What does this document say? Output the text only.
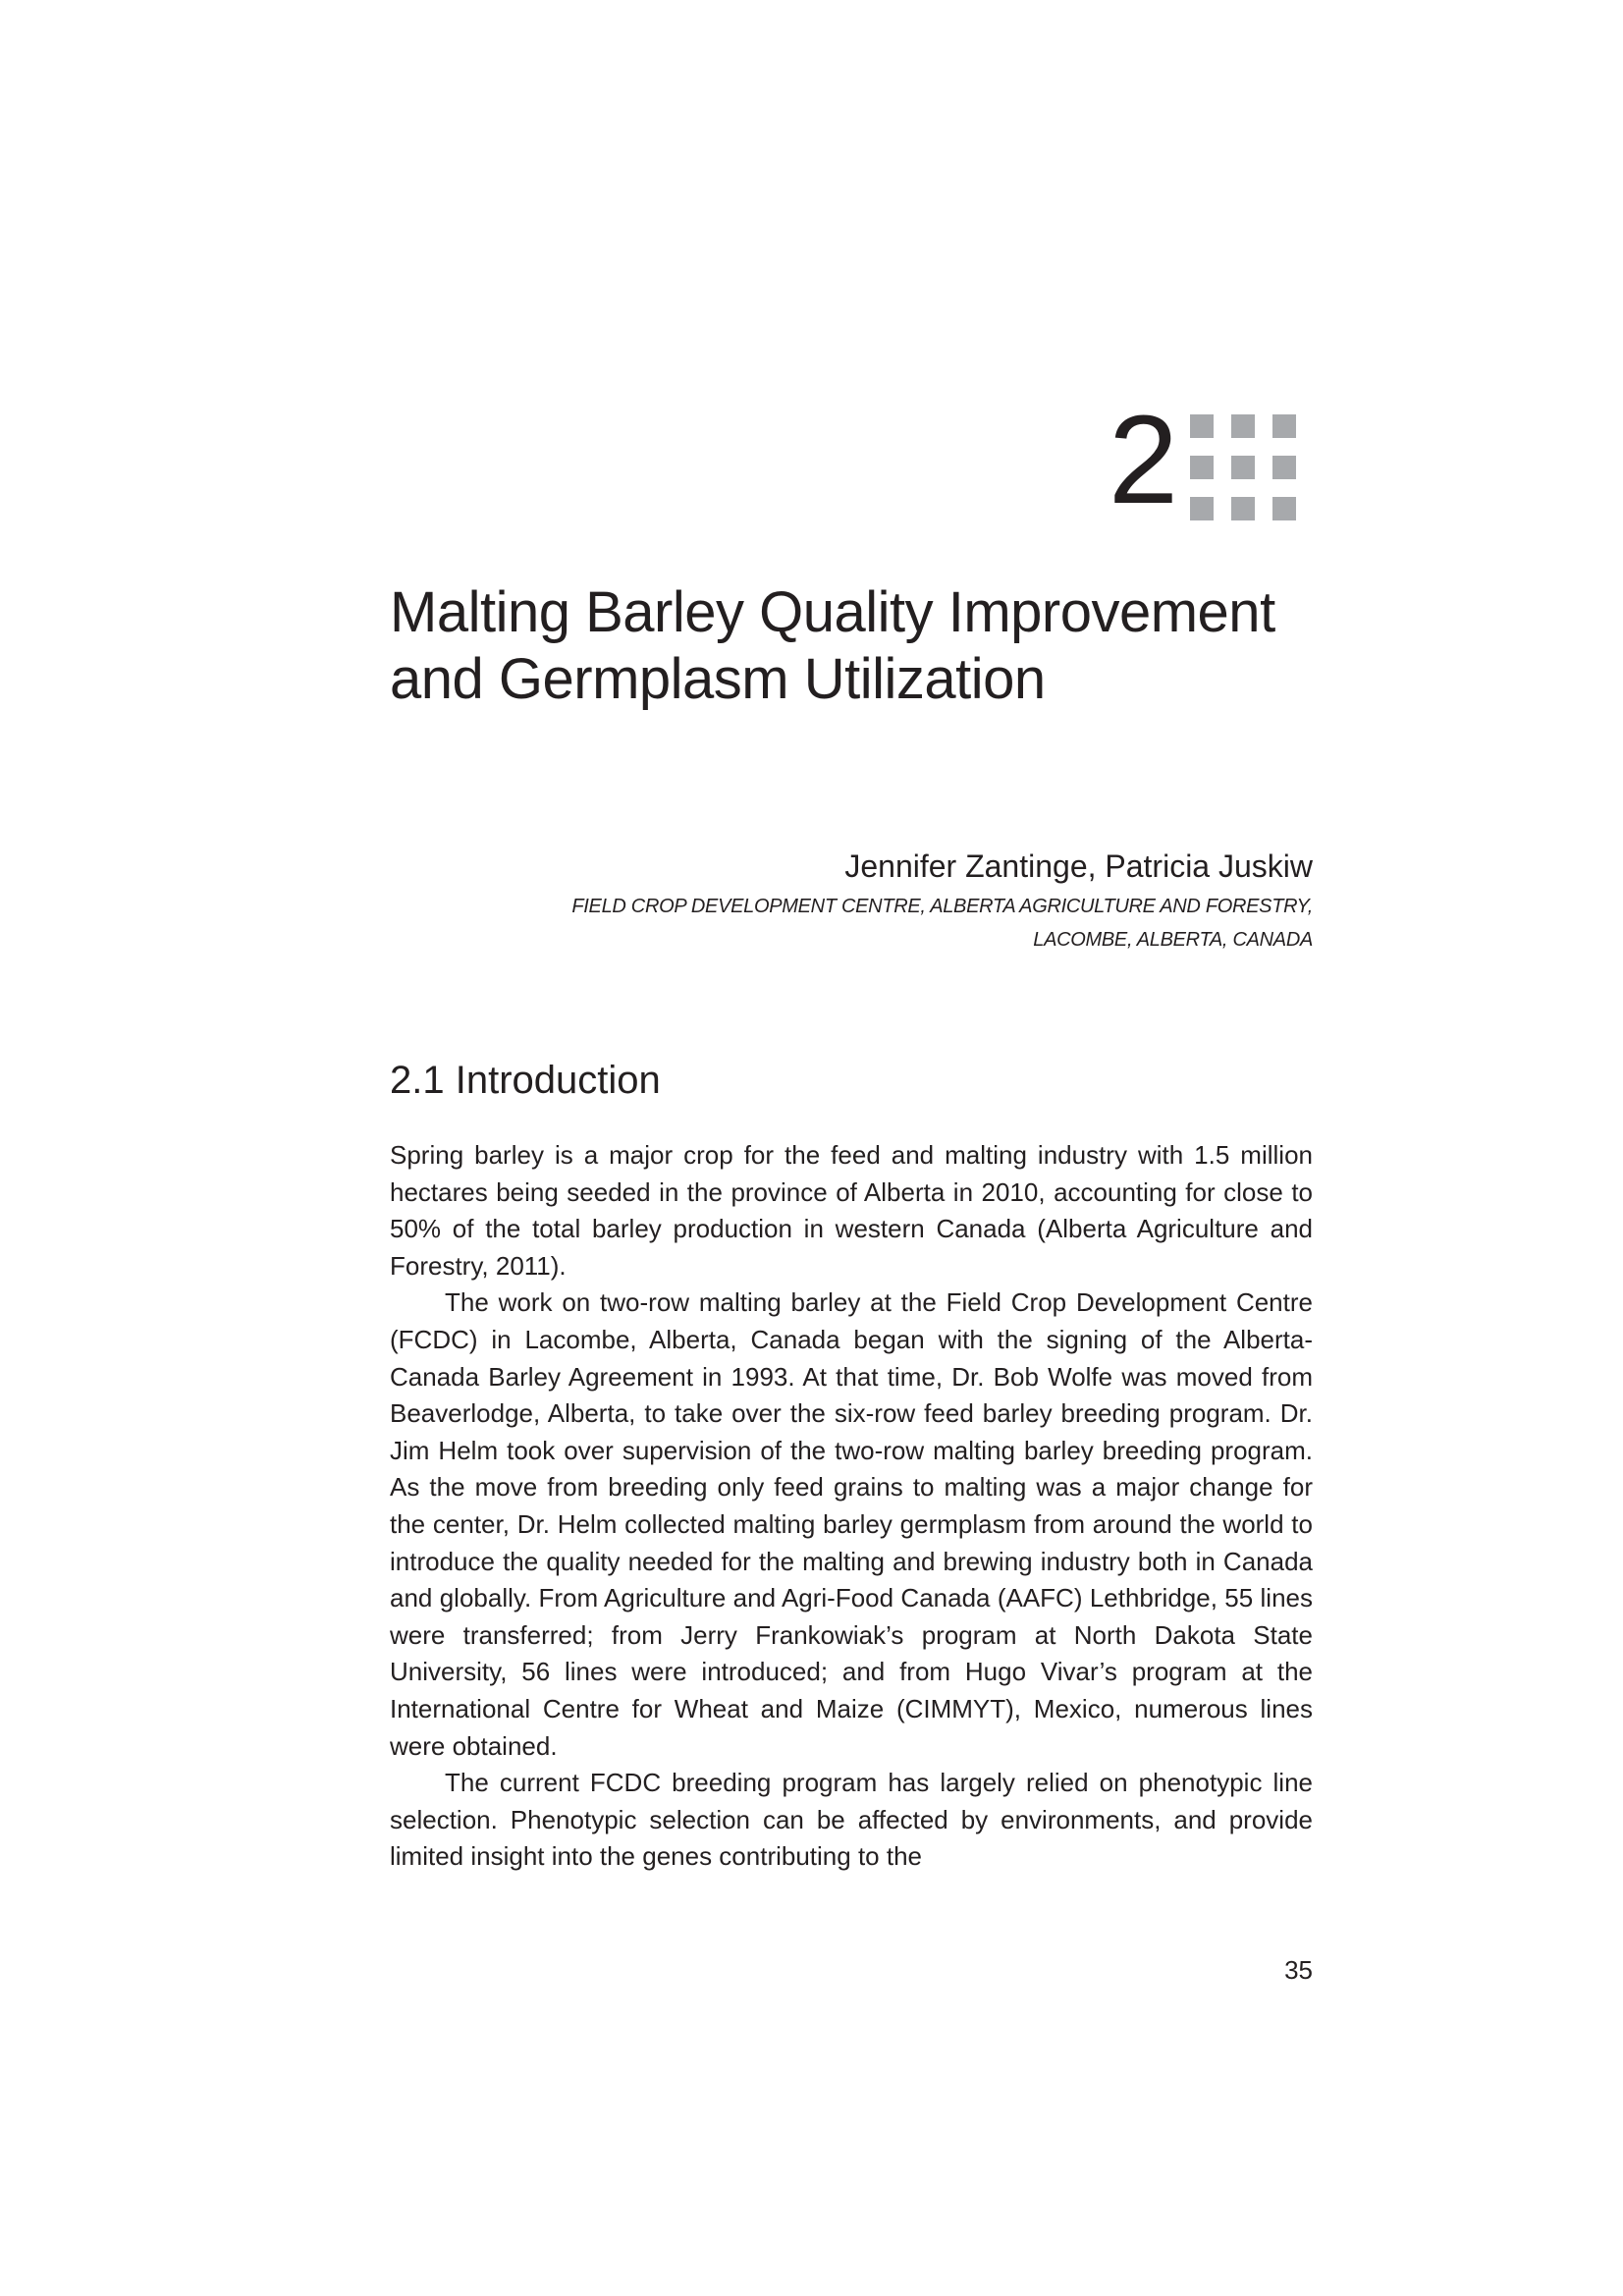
2
Malting Barley Quality Improvement
and Germplasm Utilization
Jennifer Zantinge, Patricia Juskiw
FIELD CROP DEVELOPMENT CENTRE, ALBERTA AGRICULTURE AND FORESTRY,
LACOMBE, ALBERTA, CANADA
2.1 Introduction

Spring barley is a major crop for the feed and malting industry with 1.5 million hectares being seeded in the province of Alberta in 2010, accounting for close to 50% of the total barley production in western Canada (Alberta Agriculture and Forestry, 2011).

The work on two-row malting barley at the Field Crop Development Centre (FCDC) in Lacombe, Alberta, Canada began with the signing of the Alberta-Canada Barley Agreement in 1993. At that time, Dr. Bob Wolfe was moved from Beaverlodge, Alberta, to take over the six-row feed barley breeding program. Dr. Jim Helm took over supervision of the two-row malting barley breeding program. As the move from breeding only feed grains to malting was a major change for the center, Dr. Helm collected malting barley germplasm from around the world to introduce the quality needed for the malting and brewing industry both in Canada and globally. From Agriculture and Agri-Food Canada (AAFC) Lethbridge, 55 lines were transferred; from Jerry Frankowiak’s program at North Dakota State University, 56 lines were introduced; and from Hugo Vivar’s program at the International Centre for Wheat and Maize (CIMMYT), Mexico, numerous lines were obtained.

The current FCDC breeding program has largely relied on phenotypic line selection. Phenotypic selection can be affected by environments, and provide limited insight into the genes contributing to the

35
